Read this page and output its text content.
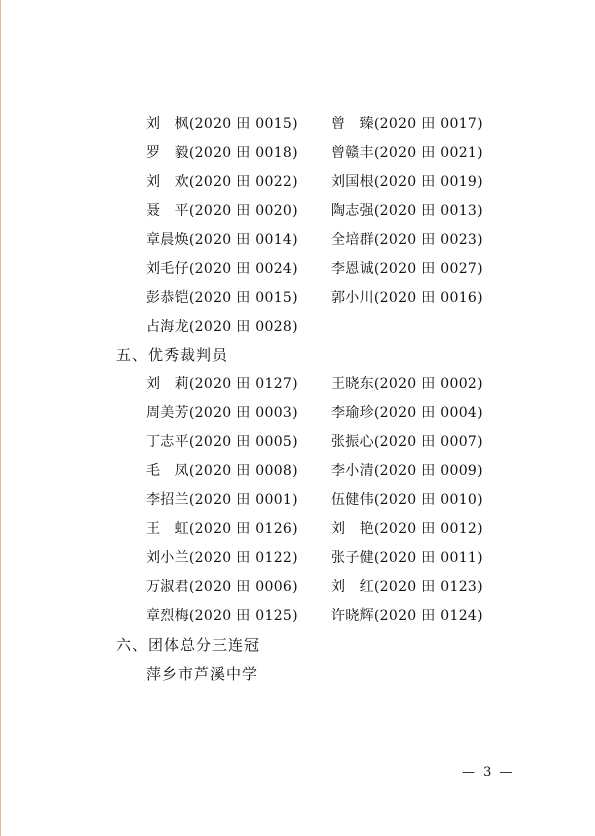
刘　枫(2020 田 0015) 曾　臻(2020 田 0017)
罗　毅(2020 田 0018) 曾赣丰(2020 田 0021)
刘　欢(2020 田 0022) 刘国根(2020 田 0019)
聂　平(2020 田 0020) 陶志强(2020 田 0013)
章晨焕(2020 田 0014) 全培群(2020 田 0023)
刘毛仔(2020 田 0024) 李恩诚(2020 田 0027)
彭恭铠(2020 田 0015) 郭小川(2020 田 0016)
占海龙(2020 田 0028)
五、优秀裁判员
刘　莉(2020 田 0127) 王晓东(2020 田 0002)
周美芳(2020 田 0003) 李瑜珍(2020 田 0004)
丁志平(2020 田 0005) 张振心(2020 田 0007)
毛　凤(2020 田 0008) 李小清(2020 田 0009)
李招兰(2020 田 0001) 伍健伟(2020 田 0010)
王　虹(2020 田 0126) 刘　艳(2020 田 0012)
刘小兰(2020 田 0122) 张子健(2020 田 0011)
万淑君(2020 田 0006) 刘　红(2020 田 0123)
章烈梅(2020 田 0125) 许晓辉(2020 田 0124)
六、团体总分三连冠
萍乡市芦溪中学
— 3 —
